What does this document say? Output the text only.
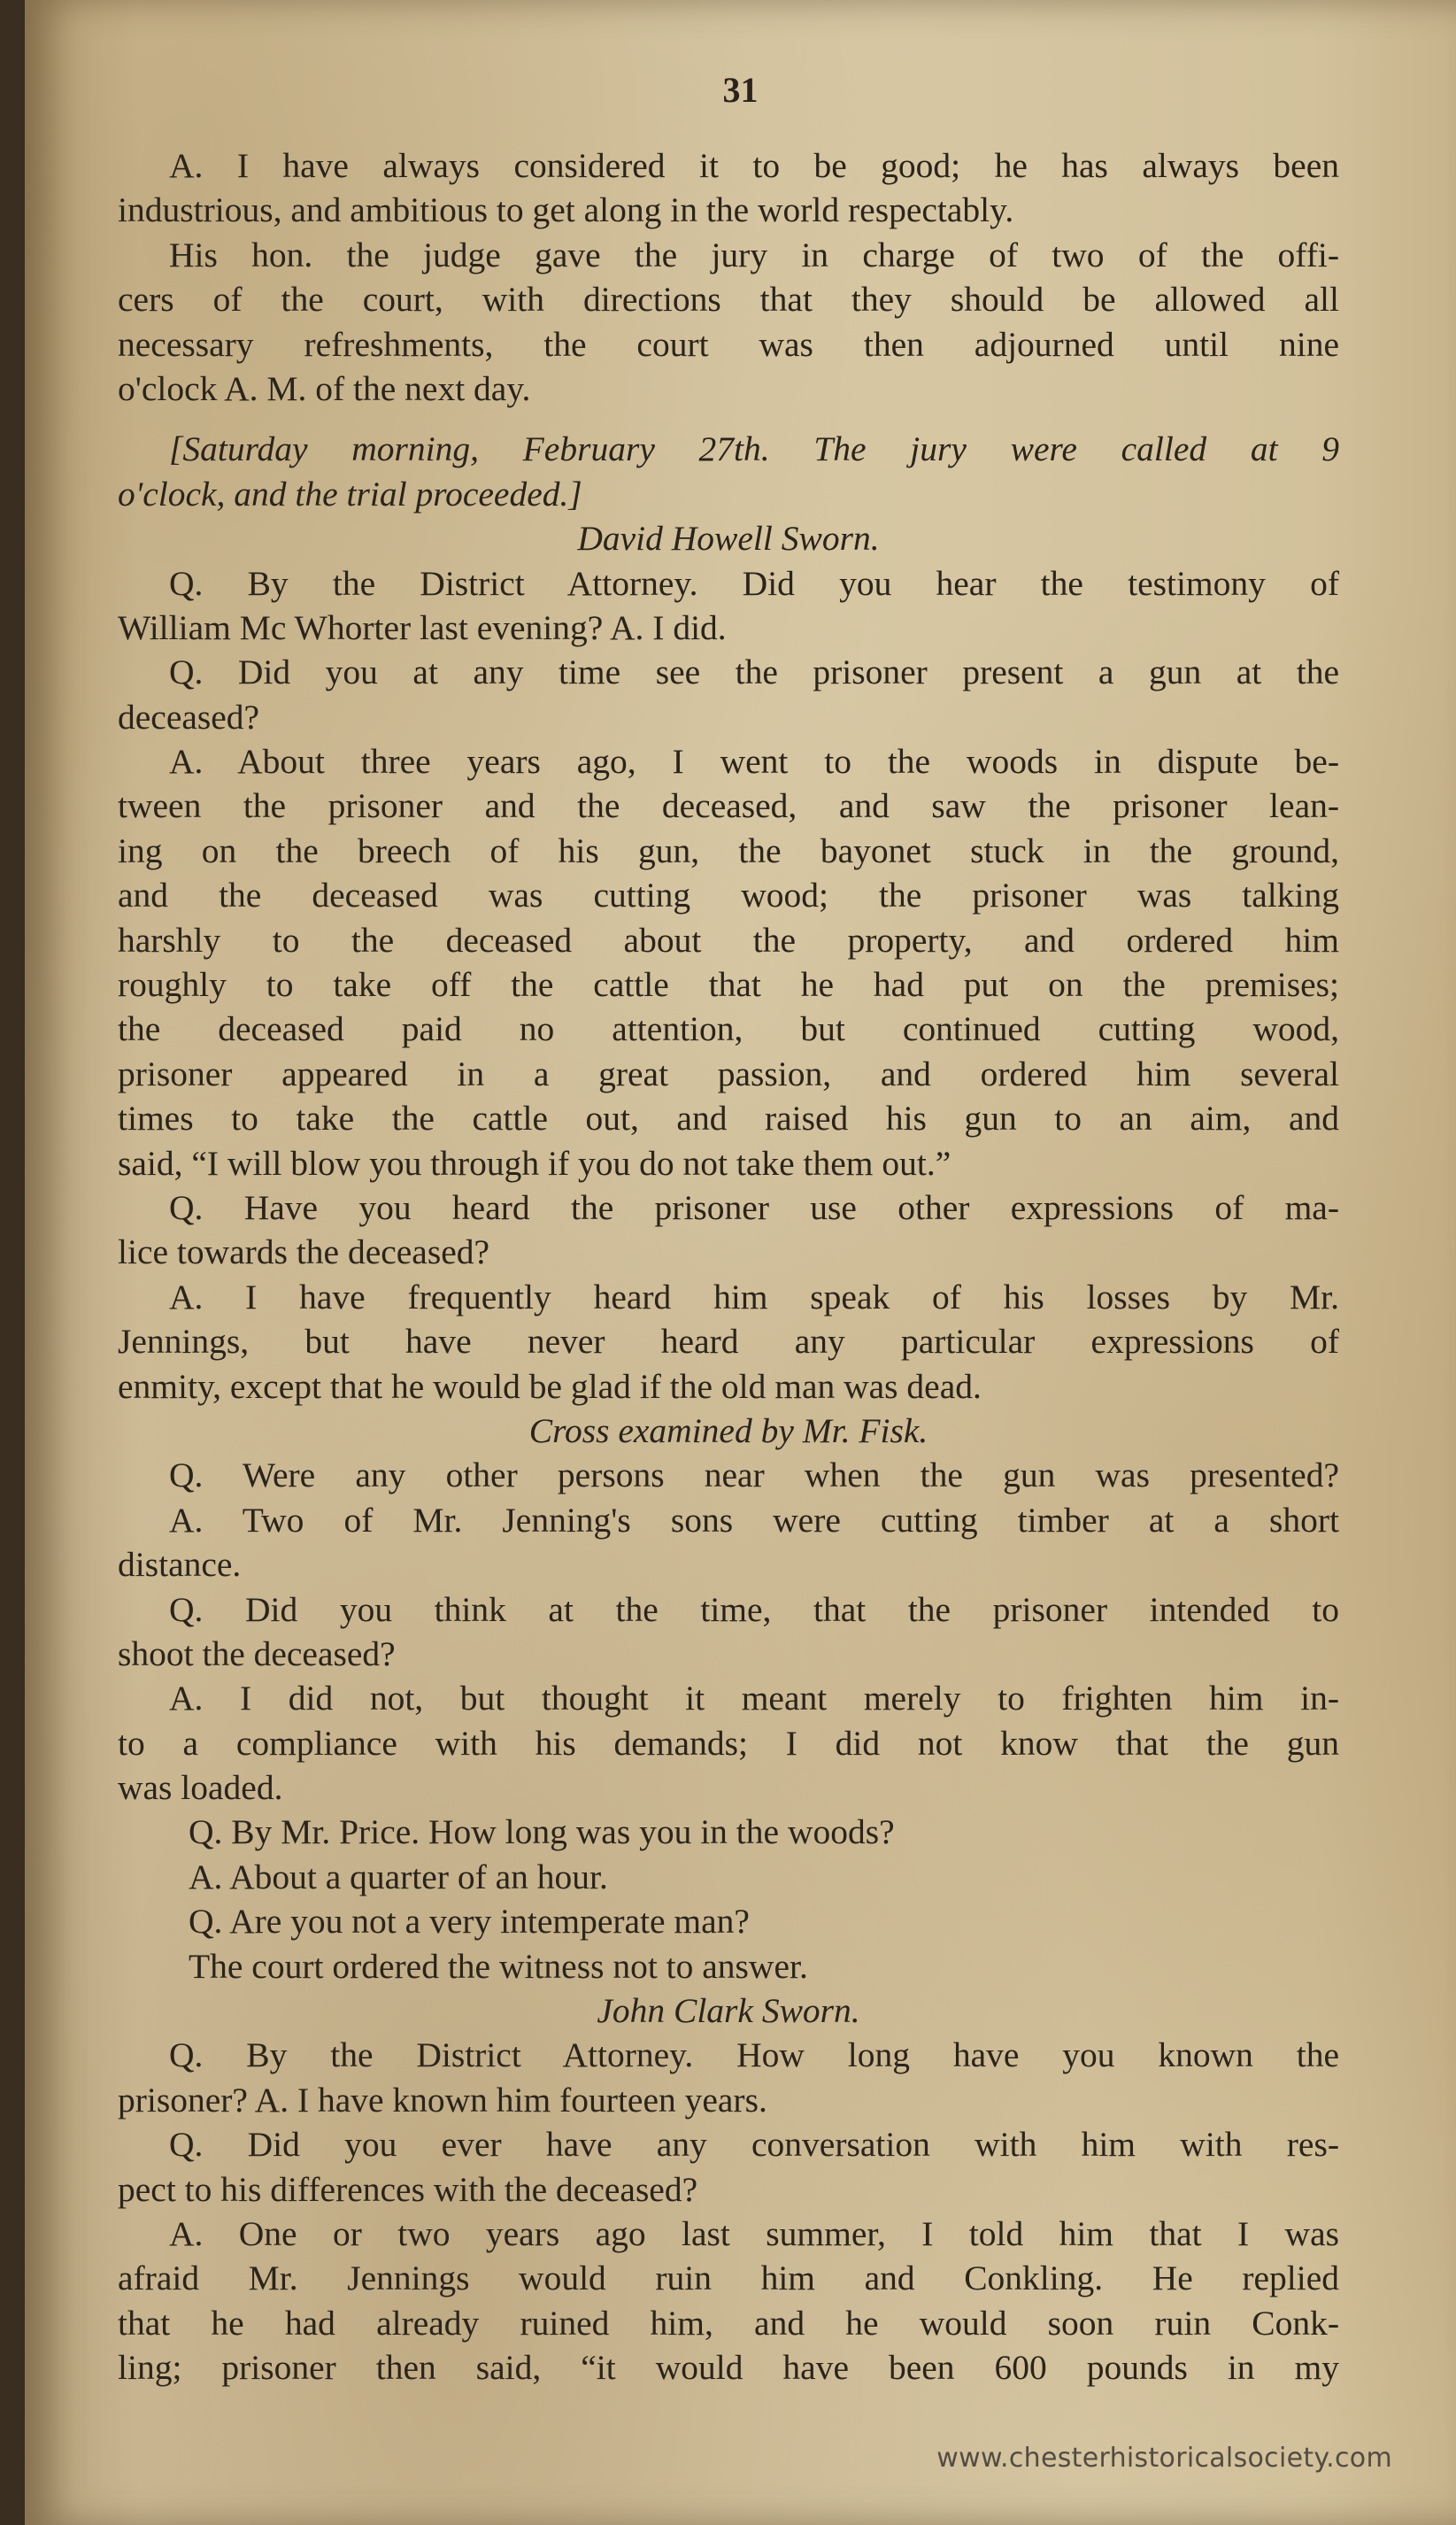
31
A. I have always considered it to be good; he has always been
industrious, and ambitious to get along in the world respectably.
His hon. the judge gave the jury in charge of two of the offi-
cers of the court, with directions that they should be allowed all
necessary refreshments, the court was then adjourned until nine
o'clock A. M. of the next day.
[Saturday morning, February 27th. The jury were called at 9
o'clock, and the trial proceeded.]
David Howell Sworn.
Q. By the District Attorney. Did you hear the testimony of
William Mc Whorter last evening? A. I did.
Q. Did you at any time see the prisoner present a gun at the
deceased?
A. About three years ago, I went to the woods in dispute be-
tween the prisoner and the deceased, and saw the prisoner lean-
ing on the breech of his gun, the bayonet stuck in the ground,
and the deceased was cutting wood; the prisoner was talking
harshly to the deceased about the property, and ordered him
roughly to take off the cattle that he had put on the premises;
the deceased paid no attention, but continued cutting wood,
prisoner appeared in a great passion, and ordered him several
times to take the cattle out, and raised his gun to an aim, and
said, “I will blow you through if you do not take them out.”
Q. Have you heard the prisoner use other expressions of ma-
lice towards the deceased?
A. I have frequently heard him speak of his losses by Mr.
Jennings, but have never heard any particular expressions of
enmity, except that he would be glad if the old man was dead.
Cross examined by Mr. Fisk.
Q. Were any other persons near when the gun was presented?
A. Two of Mr. Jenning's sons were cutting timber at a short
distance.
Q. Did you think at the time, that the prisoner intended to
shoot the deceased?
A. I did not, but thought it meant merely to frighten him in-
to a compliance with his demands; I did not know that the gun
was loaded.
Q. By Mr. Price. How long was you in the woods?
A. About a quarter of an hour.
Q. Are you not a very intemperate man?
The court ordered the witness not to answer.
John Clark Sworn.
Q. By the District Attorney. How long have you known the
prisoner? A. I have known him fourteen years.
Q. Did you ever have any conversation with him with res-
pect to his differences with the deceased?
A. One or two years ago last summer, I told him that I was
afraid Mr. Jennings would ruin him and Conkling. He replied
that he had already ruined him, and he would soon ruin Conk-
ling; prisoner then said, “it would have been 600 pounds in my
www.chesterhistoricalsociety.com
